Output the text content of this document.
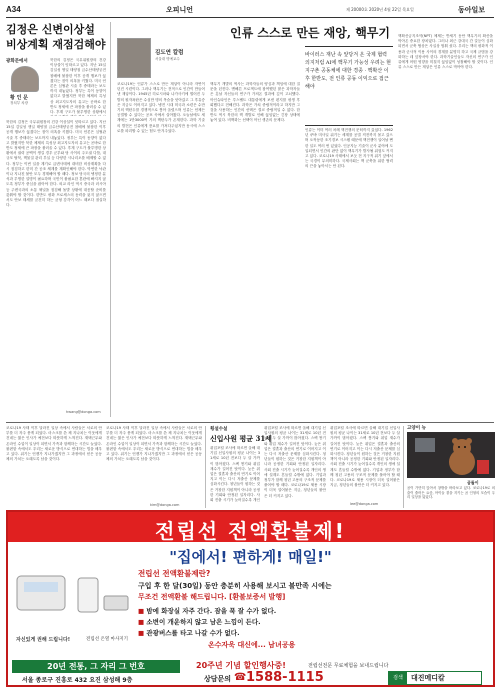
A34	오피니언	제 20000호 2020년 4월 22일 목요일	동아일보
김정은 신변이상설
비상계획 재점검해야
광화문에서
황 인 문
정치부 차장
북한의 김정은 국무위원장의 건강 이상설이 잇따르고 있다. 지난 15일 김일성 생일 태양절 금수산태양궁전 참배에 불참한 이후 공개 행보가 끊겼다는 점이 의혹을 키웠다. 미국 언론은 심혈관 시술 후 중태라는 보도까지 내놓았다. 정부는 특이 동향이 없다고 밝혔지만 북한 체제의 특성상 최고지도자의 유고는 곧바로 한반도 정세에 큰 파장을 불러올 수 있다. 후계 구도가 불투명한 상황에서
북한의 김정은 국무위원장의 건강 이상설이 잇따르고 있다. 지난 15일 김일성 생일 태양절 금수산태양궁전 참배에 불참한 이후 공개 행보가 끊겼다는 점이 의혹을 키웠다. 미국 언론은 심혈관 시술 후 중태라는 보도까지 내놓았다. 정부는 특이 동향이 없다고 밝혔지만 북한 체제의 특성상 최고지도자의 유고는 곧바로 한반도 정세에 큰 파장을 불러올 수 있다. 후계 구도가 불투명한 상황에서 권력 공백이 생길 경우 군부와 당 사이의 주도권 다툼, 대규모 탈북, 핵물질 관리 부실 등 다양한 시나리오를 배제할 수 없다. 정부는 이번 일을 계기로 급변사태에 대비한 비상계획을 다시 점검하고 한미 간 공조 체계를 재확인해야 한다. 막연한 낙관이나 지나친 불안 모두 경계해야 할 때다. 정보 당국의 냉정한 분석과 투명한 설명이 필요하며 국민이 불필요한 혼란에 빠지지 않도록 정부가 중심을 잡아야 한다. 외교 라인 역시 중국과 러시아 등 주변국과의 소통 채널을 점검해 돌발 상황에 대응할 준비를 갖춰야 할 것이다. 한반도 평화 프로세스의 동력을 잃지 않으면서도 안보 태세를 굳건히 하는 균형 감각이 어느 때보다 절실하다.
hwang@donga.com
인류 스스로 만든 재앙, 핵무기
김도연 칼럼
서울대 명예교수
코로나19는 인류가 스스로 만든 재앙이 아니라 자연이 던진 시련이다. 그러나 핵무기는 전적으로 인간이 만들어낸 재앙이다. 1945년 히로시마와 나가사키에 떨어진 두 발의 원자폭탄은 수십만 명의 목숨을 앗아갔고 그 후유증은 지금도 이어지고 있다. 냉전 시대 미국과 소련은 수만 기의 핵탄두를 경쟁적으로 쌓아 올렸으며 인류는 언제든 공멸할 수 있다는 공포 속에서 살아왔다. 오늘날에도 세계에는 1만3000여 기의 핵탄두가 존재한다. 과학 기술의 발전은 인류에게 풍요를 가져다주었지만 동시에 스스로를 파괴할 수 있는 힘도 안겨주었다.
핵무기 개발의 역사는 과학자들의 양심과 책임에 대한 질문을 던진다. 맨해튼 프로젝트에 참여했던 많은 과학자들은 훗날 자신들의 연구가 가져온 결과에 깊이 고뇌했다. 아인슈타인은 루스벨트 대통령에게 보낸 편지를 평생 후회했다고 전해진다. 과학은 가치 중립적이라고 하지만 그것을 사용하는 인간의 선택은 결코 중립적일 수 없다. 한반도 역시 북한의 핵 개발로 인해 끊임없는 긴장 상태에 놓여 있다. 비핵화는 선택이 아닌 생존의 문제다.
바이러스 재난 속 앞당겨 온 국제 협력 의지처럼 AI에 핵무기 가능성 우려는 현 지구촌 공동체에 대한 경종 · 핵확산 이후 한반도, 전 인류 공동 이익으로 접근해야
인류는 이미 여러 차례 핵전쟁의 문턱까지 갔었다. 1962년 쿠바 미사일 위기는 세계를 공멸 직전까지 몰고 갔으며 오작동한 조기경보 시스템 때문에 핵전쟁이 일어날 뻔한 일도 여러 번 있었다. 인공지능 기술이 군사 분야에 도입되면서 인간의 판단 없이 핵무기가 발사될 위험도 커지고 있다. 코로나19 사태에서 보듯 전 지구적 위기 앞에서는 국경이 무의미하다. 국제사회는 핵 군축을 위한 협력의 끈을 놓아서는 안 된다.
핵확산금지조약(NPT) 체제는 반세기 동안 핵무기의 확산을 막아온 중요한 장치였다. 그러나 최근 강대국 간 갈등이 심화되면서 군축 협상은 사실상 멈춰 섰다. 우리는 핵의 평화적 이용과 군사적 이용 사이의 경계를 분명히 하고 국제 규범을 강화하는 데 앞장서야 한다. 과학기술인들도 자신의 연구가 인류에게 어떤 영향을 미칠지 끊임없이 성찰해야 할 것이다. 인류 스스로 만든 재앙은 인류 스스로 막아야 한다.
코로나19 사태 이후 달라진 일상 속에서 사람들은 서로의 안부를 더 자주 묻게 되었다. 마스크를 쓴 채 지나치는 이웃에게 건네는 짧은 인사가 예전보다 따뜻하게 느껴진다. 재택근무와 온라인 수업이 일상이 되면서 가족과 함께하는 시간도 늘었다. 불편함 속에서도 우리는 새로운 방식으로 연대하는 법을 배우고 있다. 위기는 언젠가 지나가겠지만 그 과정에서 얻은 공동체의 가치는 오래도록 남을 것이다.
코로나19 사태 이후 달라진 일상 속에서 사람들은 서로의 안부를 더 자주 묻게 되었다. 마스크를 쓴 채 지나치는 이웃에게 건네는 짧은 인사가 예전보다 따뜻하게 느껴진다. 재택근무와 온라인 수업이 일상이 되면서 가족과 함께하는 시간도 늘었다. 불편함 속에서도 우리는 새로운 방식으로 연대하는 법을 배우고 있다. 위기는 언젠가 지나가겠지만 그 과정에서 얻은 공동체의 가치는 오래도록 남을 것이다.
kim@donga.com
횡설수설
신입사원 평균 31세
취업포털 조사에 따르면 올해 대기업 신입사원의 평균 나이는 31세로 10년 전보다 두 살 가까이 많아졌다. 스펙 쌓기와 취업 재수가 길어진 탓이다. 늦은 취업은 결혼과 출산의 연기로 이어지고 이는 다시 저출산 문제를 심화시킨다. 청년들이 원하는 것은 거창한 지원책이 아니라 공정한 기회와 안정된 일자리다. 사회 진출 시기가 늦어질수록 개인
취업포털 조사에 따르면 올해 대기업 신입사원의 평균 나이는 31세로 10년 전보다 두 살 가까이 많아졌다. 스펙 쌓기와 취업 재수가 길어진 탓이다. 늦은 취업은 결혼과 출산의 연기로 이어지고 이는 다시 저출산 문제를 심화시킨다. 청년들이 원하는 것은 거창한 지원책이 아니라 공정한 기회와 안정된 일자리다. 사회 진출 시기가 늦어질수록 개인의 생애 설계도 흔들릴 수밖에 없다. 기업과 정부가 함께 청년 고용의 구조적 문제를 풀어야 할 때다. 코로나19로 채용 시장이 더욱 얼어붙은 지금, 청년들의 불안은 더 커지고 있다.
취업포털 조사에 따르면 올해 대기업 신입사원의 평균 나이는 31세로 10년 전보다 두 살 가까이 많아졌다. 스펙 쌓기와 취업 재수가 길어진 탓이다. 늦은 취업은 결혼과 출산의 연기로 이어지고 이는 다시 저출산 문제를 심화시킨다. 청년들이 원하는 것은 거창한 지원책이 아니라 공정한 기회와 안정된 일자리다. 사회 진출 시기가 늦어질수록 개인의 생애 설계도 흔들릴 수밖에 없다. 기업과 정부가 함께 청년 고용의 구조적 문제를 풀어야 할 때다. 코로나19로 채용 시장이 더욱 얼어붙은 지금, 청년들의 불안은 더 커지고 있다.
lee@donga.com
고양이 뉴
곰돌이
곰이 가만히 앉아서 창밖을 바라보고 있다. 코로나19로 외출이 줄어든 요즘, 아이들 곁을 지키는 곰 인형의 모습이 우리 일상을 닮았다.
전립선 전액환불제!
"집에서! 편하게! 매일!"
자신있게 권해 드립니다!	전립선 온열 마사지기
전립선 전액환불제란?
구입 후 한 달(30일) 동안 충분히 사용해 보시고 불만족 시에는
무조건 전액환불 해드립니다. [환불보증서 발행]
■ 밤에 화장실 자주 간다. 잠을 푹 잘 수가 없다.
■ 소변이 개운하지 않고 남은 느낌이 든다.
■ 관광버스를 타고 나갈 수가 없다.
온수자욱 대신에... 남녀공용
20년 전통, 그 자리 그 번호	20주년 기념 할인행사중!	전립선전문 무료체험을 보내드립니다
서울 종로구 진흥로 432 요진 삼성해 9층	상담문의 ☎ 1588-1115	검색	대진메디칼
